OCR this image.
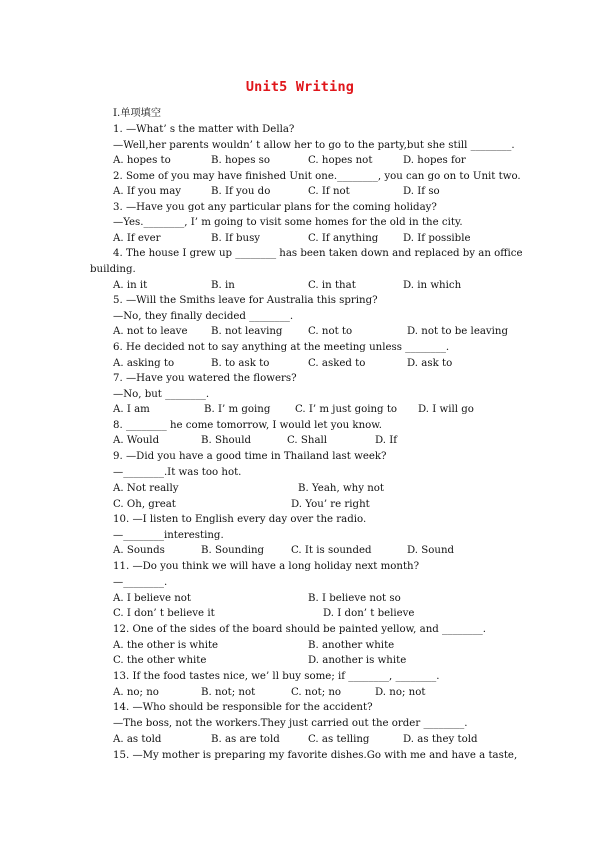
Unit5 Writing
Ⅰ.单项填空
1. —What’ s the matter with Della?
—Well,her parents wouldn’ t allow her to go to the party,but she still ________.
A. hopes to	B. hopes so	C. hopes not	D. hopes for
2. Some of you may have finished Unit one.________, you can go on to Unit two.
A. If you may	B. If you do	C. If not	D. If so
3. —Have you got any particular plans for the coming holiday?
—Yes.________, I’ m going to visit some homes for the old in the city.
A. If ever	B. If busy	C. If anything D. If possible
4. The house I grew up ________ has been taken down and replaced by an office
building.
A. in it	B. in	C. in that	D. in which
5. —Will the Smiths leave for Australia this spring?
—No, they finally decided ________.
A. not to leave B. not leaving	C. not to	D. not to be leaving
6. He decided not to say anything at the meeting unless ________.
A. asking to	B. to ask to	C. asked to	D. ask to
7. —Have you watered the flowers?
—No, but ________.
A. I am	B. I’ m going C. I’ m just going to D. I will go
8. ________ he come tomorrow, I would let you know.
A. Would	B. Should	C. Shall	D. If
9. —Did you have a good time in Thailand last week?
—________.It was too hot.
A. Not really	B. Yeah, why not
C. Oh, great	D. You’ re right
10. —I listen to English every day over the radio.
—________interesting.
A. Sounds	B. Sounding	C. It is sounded	D. Sound
11. —Do you think we will have a long holiday next month?
—________.
A. I believe not	B. I believe not so
C. I don’ t believe it	D. I don’ t believe
12. One of the sides of the board should be painted yellow, and ________.
A. the other is white	B. another white
C. the other white	D. another is white
13. If the food tastes nice, we’ ll buy some; if ________, ________.
A. no; no	B. not; not	C. not; no	D. no; not
14. —Who should be responsible for the accident?
—The boss, not the workers.They just carried out the order ________.
A. as told	B. as are told	C. as telling	D. as they told
15. —My mother is preparing my favorite dishes.Go with me and have a taste,
